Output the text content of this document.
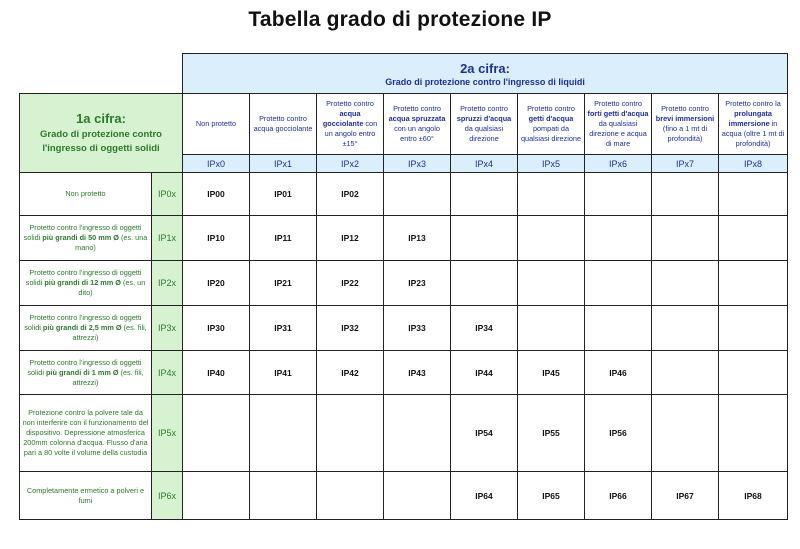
Tabella grado di protezione IP

		2a cifra:
Grado di protezione contro l'ingresso di liquidi								

1a cifra:
Grado di protezione contro l'ingresso di oggetti solidi		Non protetto	Protetto contro acqua gocciolante	Protetto contro acqua gocciolante con un angolo entro ±15°	Protetto contro acqua spruzzata con un angolo entro ±60°	Protetto contro spruzzi d'acqua da qualsiasi direzione	Protetto contro getti d'acqua pompati da qualsiasi direzione	Protetto contro forti getti d'acqua da qualsiasi direzione e acqua di mare	Protetto contro brevi immersioni (fino a 1 mt di profondità)	Protetto contro la prolungata immersione in acqua (oltre 1 mt di profondità)
		IPx0	IPx1	IPx2	IPx3	IPx4	IPx5	IPx6	IPx7	IPx8
Non protetto	IP0x	IP00	IP01	IP02						
Protetto contro l'ingresso di oggetti solidi più grandi di 50 mm Ø (es. una mano)	IP1x	IP10	IP11	IP12	IP13					
Protetto contro l'ingresso di oggetti solidi più grandi di 12 mm Ø (es. un dito)	IP2x	IP20	IP21	IP22	IP23					
Protetto contro l'ingresso di oggetti solidi più grandi di 2,5 mm Ø (es. fili, attrezzi)	IP3x	IP30	IP31	IP32	IP33	IP34				
Protetto contro l'ingresso di oggetti solidi più grandi di 1 mm Ø (es. fili, attrezzi)	IP4x	IP40	IP41	IP42	IP43	IP44	IP45	IP46		
Protezione contro la polvere tale da non interferire con il funzionamento del dispositivo. Depressione atmosferica 200mm colonna d'acqua. Flusso d'aria pari a 80 volte il volume della custodia	IP5x					IP54	IP55	IP56		
Completamente ermetico a polveri e fumi	IP6x					IP64	IP65	IP66	IP67	IP68
